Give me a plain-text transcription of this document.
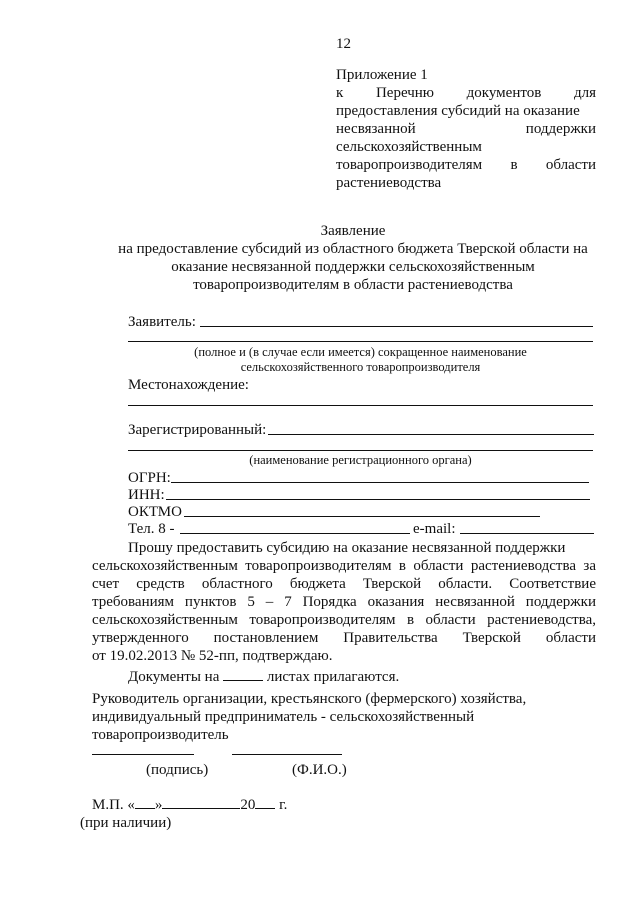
12
Приложение 1
к Перечню документов для
предоставления субсидий на оказание
несвязанной	поддержки
сельскохозяйственным
товаропроизводителям в области
растениеводства
Заявление
на предоставление субсидий из областного бюджета Тверской области на
оказание несвязанной поддержки сельскохозяйственным
товаропроизводителям в области растениеводства
Заявитель:
(полное и (в случае если имеется) сокращенное наименование
сельскохозяйственного товаропроизводителя
Местонахождение:
Зарегистрированный:
(наименование регистрационного органа)
ОГРН:
ИНН:
ОКТМО
Тел. 8 -	e-mail:
Прошу предоставить субсидию на оказание несвязанной поддержки
сельскохозяйственным товаропроизводителям в области растениеводства за
счет средств областного бюджета Тверской области. Соответствие
требованиям пунктов 5 – 7 Порядка оказания несвязанной поддержки
сельскохозяйственным товаропроизводителям в области растениеводства,
утвержденного постановлением Правительства Тверской области
от 19.02.2013 № 52-пп, подтверждаю.
Документы на	листах прилагаются.
Руководитель организации, крестьянского (фермерского) хозяйства,
индивидуальный предприниматель - сельскохозяйственный
товаропроизводитель
(подпись)	(Ф.И.О.)
М.П. « »	20 г.
(при наличии)
